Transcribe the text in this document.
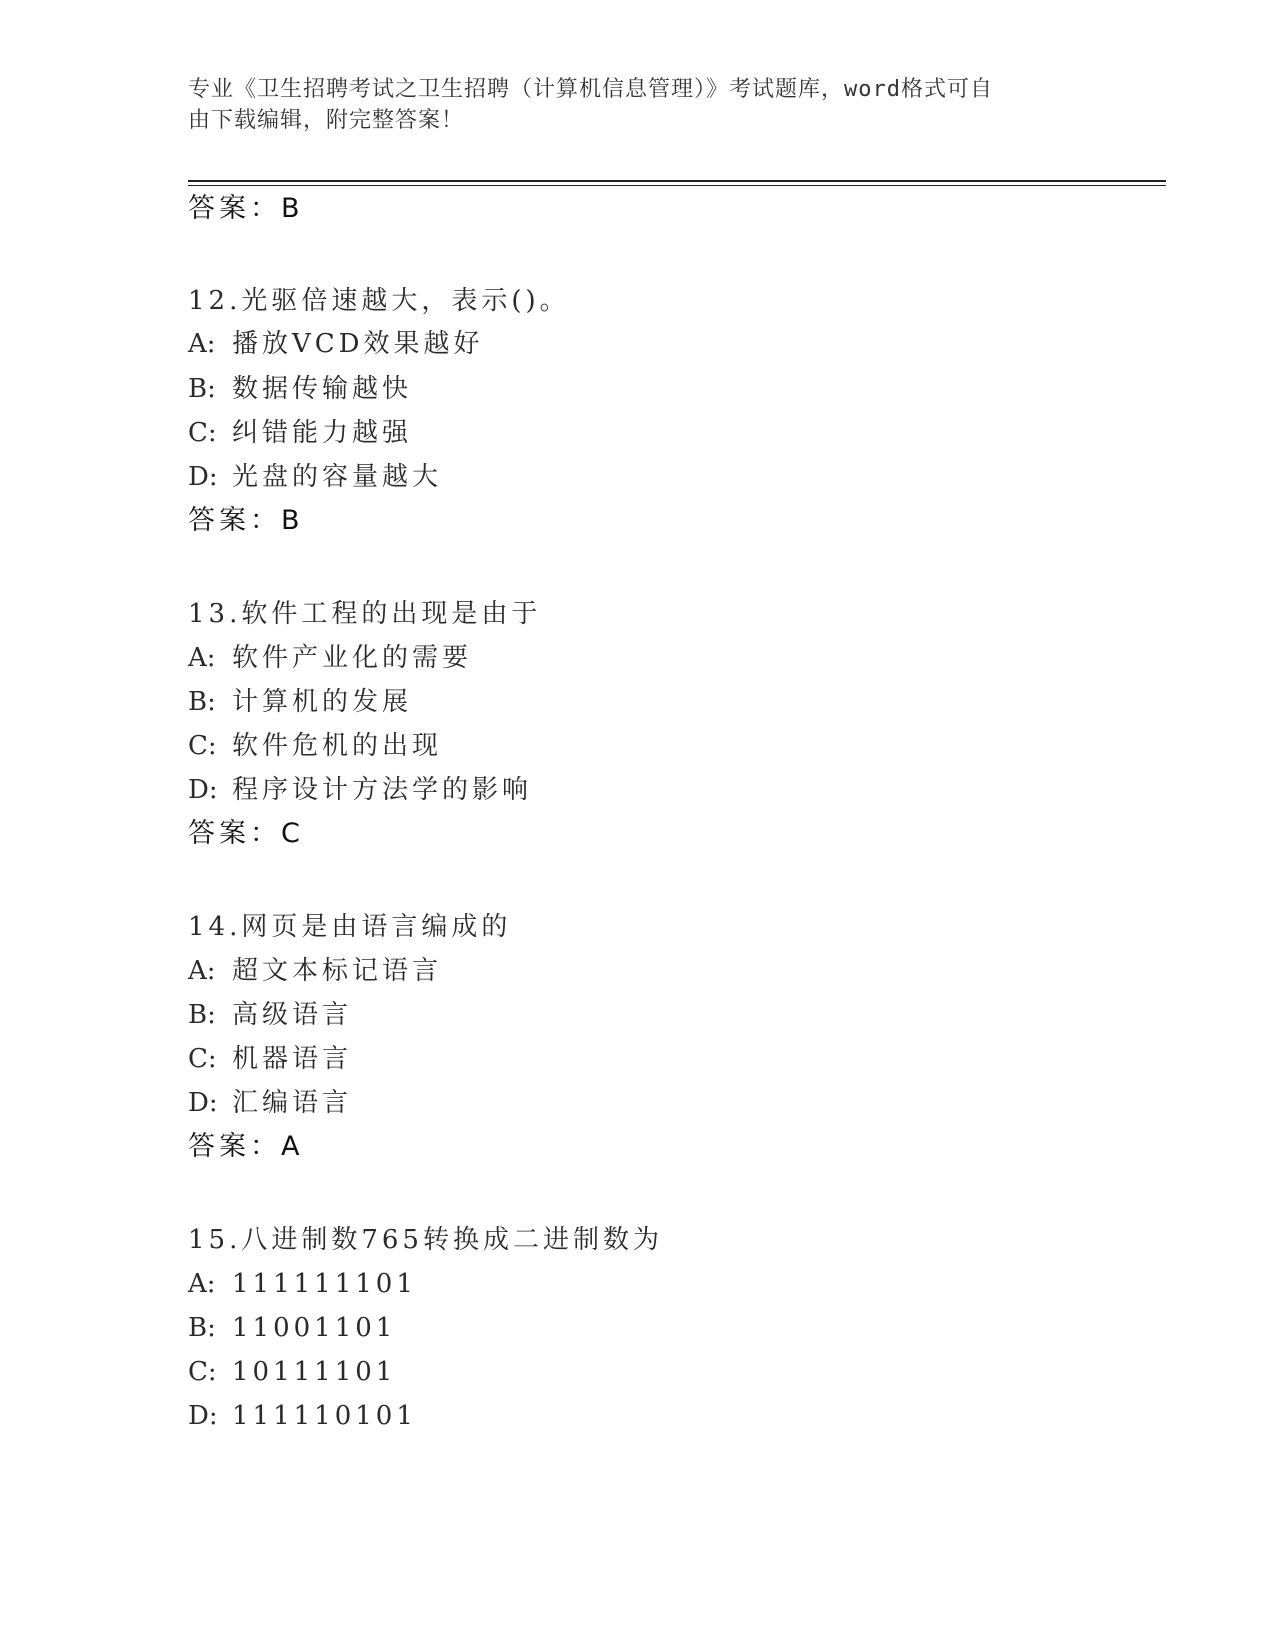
专业《卫生招聘考试之卫生招聘（计算机信息管理）》考试题库，word格式可自
由下载编辑，附完整答案！
答案：B
12.光驱倍速越大，表示()。
A: 播放VCD效果越好
B: 数据传输越快
C: 纠错能力越强
D: 光盘的容量越大
答案：B
13.软件工程的出现是由于
A: 软件产业化的需要
B: 计算机的发展
C: 软件危机的出现
D: 程序设计方法学的影响
答案：C
14.网页是由语言编成的
A: 超文本标记语言
B: 高级语言
C: 机器语言
D: 汇编语言
答案：A
15.八进制数765转换成二进制数为
A: 111111101
B: 11001101
C: 10111101
D: 111110101
